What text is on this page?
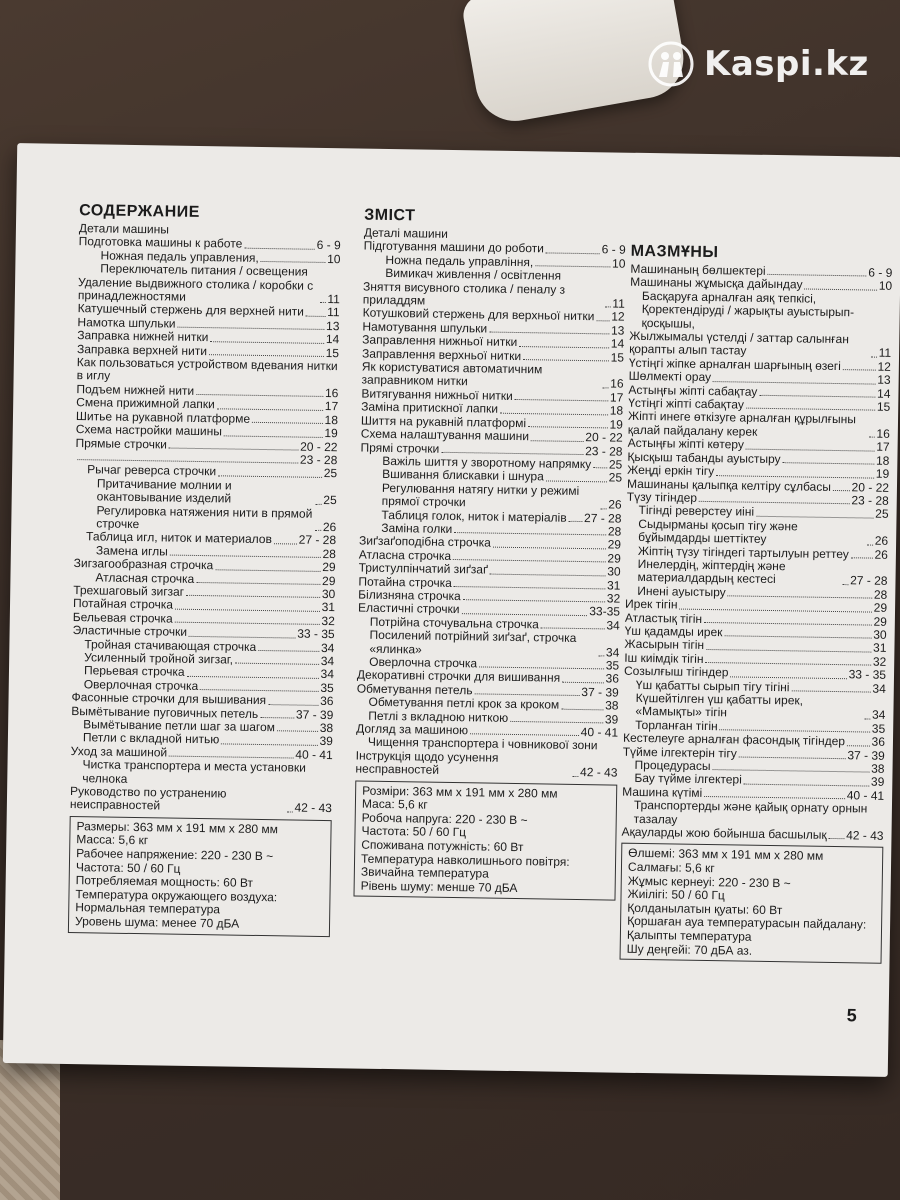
Kaspi.kz
СОДЕРЖАНИЕ
Детали машины
Подготовка машины к работе	6 - 9
Ножная педаль управления,	10
Переключатель питания / освещения
Удаление выдвижного столика / коробки с принадлежностями	11
Катушечный стержень для верхней нити 11
Намотка шпульки	13
Заправка нижней нитки	14
Заправка верхней нити	15
Как пользоваться устройством вдевания нитки в иглу
Подъем нижней нити	16
Смена прижимной лапки	17
Шитье на рукавной платформе	18
Схема настройки машины	19
Прямые строчки	20 - 22
23 - 28
Рычаг реверса строчки	25
Притачивание молнии и окантовывание изделий	25
Регулировка натяжения нити в прямой строчке	26
Таблица игл, ниток и материалов 27 - 28
Замена иглы	28
Зигзагообразная строчка	29
Атласная строчка	29
Трехшаговый зигзаг	30
Потайная строчка	31
Бельевая строчка	32
Эластичные строчки	33 - 35
Тройная стачивающая строчка	34
Усиленный тройной зигзаг,	34
Перьевая строчка	34
Оверлочная строчка	35
Фасонные строчки для вышивания	36
Вымётывание пуговичных петель	37 - 39
Вымётывание петли шаг за шагом	38
Петли с вкладной нитью	39
Уход за машиной	40 - 41
Чистка транспортера и места установки челнока
Руководство по устранению неисправностей	42 - 43
Размеры: 363 мм x 191 мм x 280 мм
Масса: 5,6 кг
Рабочее напряжение: 220 - 230 В ~
Частота: 50 / 60 Гц
Потребляемая мощность: 60 Вт
Температура окружающего воздуха:
Нормальная температура
Уровень шума: менее 70 дБА
ЗМІСТ
Деталі машини
Підготування машини до роботи	6 - 9
Ножна педаль управління,	10
Вимикач живлення / освітлення
Зняття висувного столика / пеналу з приладдям	11
Котушковий стержень для верхньої нитки 12
Намотування шпульки	13
Заправлення нижньої нитки	14
Заправлення верхньої нитки	15
Як користуватися автоматичним заправником нитки	16
Витягування нижньої нитки	17
Заміна притискної лапки	18
Шиття на рукавній платформі	19
Схема налаштування машини	20 - 22
Прямі строчки	23 - 28
Важіль шиття у зворотному напрямку 25
Вшивання блискавки і шнура	25
Регулювання натягу нитки у режимі прямої строчки	26
Таблиця голок, ниток і матеріалів 27 - 28
Заміна голки	28
Зиґзаґоподібна строчка	29
Атласна строчка	29
Тристулпінчатий зиґзаґ	30
Потайна строчка	31
Білизняна строчка	32
Еластичні строчки	33-35
Потрійна сточувальна строчка	34
Посилений потрійний зиґзаґ, строчка «ялинка»	34
Оверлочна строчка	35
Декоративні строчки для вишивання	36
Обметування петель	37 - 39
Обметування петлі крок за кроком	38
Петлі з вкладною ниткою	39
Догляд за машиною	40 - 41
Чищення транспортера і човникової зони
Інструкція щодо усунення несправностей	42 - 43
Розміри: 363 мм x 191 мм x 280 мм
Маса: 5,6 кг
Робоча напруга: 220 - 230 В ~
Частота: 50 / 60 Гц
Споживана потужність: 60 Вт
Температура навколишнього повітря:
Звичайна температура
Рівень шуму: менше 70 дБА
МАЗМҰНЫ
Машинаның бөлшектері	6 - 9
Машинаны жұмысқа дайындау	10
Басқаруға арналған аяқ тепкісі,
Қоректендіруді / жарықты ауыстырып-қосқышы,
Жылжымалы үстелді / заттар салынған қорапты алып тастау	11
Үстіңгі жіпке арналған шарғының өзегі	12
Шөлмекті орау	13
Астыңғы жіпті сабақтау	14
Үстіңгі жіпті сабақтау	15
Жіпті инеге өткізуге арналған құрылғыны қалай пайдалану керек	16
Астыңғы жіпті көтеру	17
Қысқыш табанды ауыстыру	18
Жеңді еркін тігу	19
Машинаны қалыпқа келтіру сұлбасы 20 - 22
Түзу тігіндер	23 - 28
Тігінді реверстеу иіні	25
Сыдырманы қосып тігу және бұйымдарды шеттіктеу	26
Жіптің түзу тігіндегі тартылуын реттеу 26
Инелердің, жіптердің және материалдардың кестесі	27 - 28
Инені ауыстыру	28
Ирек тігін	29
Атластық тігін	29
Үш қадамды ирек	30
Жасырын тігін	31
Іш киімдік тігін	32
Созылғыш тігіндер	33 - 35
Үш қабатты сырып тігу тігіні	34
Күшейтілген үш қабатты ирек, «Мамықты» тігін	34
Торланған тігін	35
Кестелеуге арналған фасондық тігіндер 36
Түйме ілгектерін тігу	37 - 39
Процедурасы	38
Бау түйме ілгектері	39
Машина күтімі	40 - 41
Транспортерды және қайық орнату орнын тазалау
Ақауларды жою бойынша басшылық 42 - 43
Өлшемі: 363 мм x 191 мм x 280 мм
Салмағы: 5,6 кг
Жұмыс кернеуі: 220 - 230 В ~
Жиілігі: 50 / 60 Гц
Қолданылатын қуаты: 60 Вт
Қоршаған ауа температурасын пайдалану:
Қалыпты температура
Шу деңгейі: 70 дБА аз.
5
